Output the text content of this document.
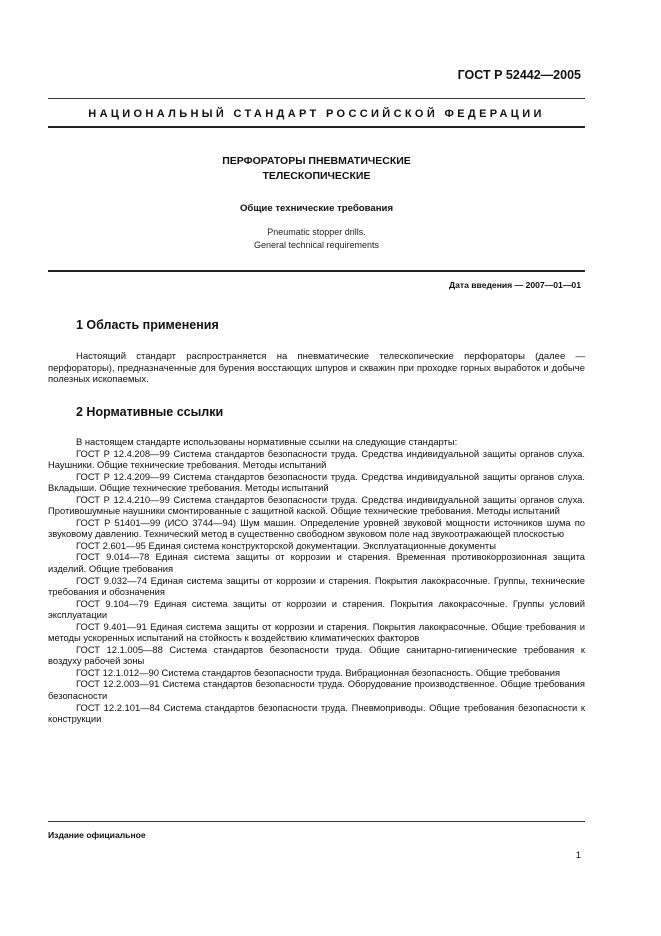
ГОСТ Р 52442—2005
НАЦИОНАЛЬНЫЙ СТАНДАРТ РОССИЙСКОЙ ФЕДЕРАЦИИ
ПЕРФОРАТОРЫ ПНЕВМАТИЧЕСКИЕ
ТЕЛЕСКОПИЧЕСКИЕ
Общие технические требования
Pneumatic stopper drills.
General technical requirements
Дата введения — 2007—01—01
1 Область применения

Настоящий стандарт распространяется на пневматические телескопические перфораторы (далее — перфораторы), предназначенные для бурения восстающих шпуров и скважин при проходке горных выработок и добыче полезных ископаемых.

2 Нормативные ссылки

В настоящем стандарте использованы нормативные ссылки на следующие стандарты:

ГОСТ Р 12.4.208—99 Система стандартов безопасности труда. Средства индивидуальной защиты органов слуха. Наушники. Общие технические требования. Методы испытаний

ГОСТ Р 12.4.209—99 Система стандартов безопасности труда. Средства индивидуальной защиты органов слуха. Вкладыши. Общие технические требования. Методы испытаний

ГОСТ Р 12.4.210—99 Система стандартов безопасности труда. Средства индивидуальной защиты органов слуха. Противошумные наушники смонтированные с защитной каской. Общие технические требования. Методы испытаний

ГОСТ Р 51401—99 (ИСО 3744—94) Шум машин. Определение уровней звуковой мощности источников шума по звуковому давлению. Технический метод в существенно свободном звуковом поле над звукоотражающей плоскостью

ГОСТ 2.601—95 Единая система конструкторской документации. Эксплуатационные документы

ГОСТ 9.014—78 Единая система защиты от коррозии и старения. Временная противокоррозионная защита изделий. Общие требования

ГОСТ 9.032—74 Единая система защиты от коррозии и старения. Покрытия лакокрасочные. Группы, технические требования и обозначения

ГОСТ 9.104—79 Единая система защиты от коррозии и старения. Покрытия лакокрасочные. Группы условий эксплуатации

ГОСТ 9.401—91 Единая система защиты от коррозии и старения. Покрытия лакокрасочные. Общие требования и методы ускоренных испытаний на стойкость к воздействию климатических факторов

ГОСТ 12.1.005—88 Система стандартов безопасности труда. Общие санитарно-гигиенические требования к воздуху рабочей зоны

ГОСТ 12.1.012—90 Система стандартов безопасности труда. Вибрационная безопасность. Общие требования

ГОСТ 12.2.003—91 Система стандартов безопасности труда. Оборудование производственное. Общие требования безопасности

ГОСТ 12.2.101—84 Система стандартов безопасности труда. Пневмоприводы. Общие требования безопасности к конструкции

Издание официальное
1
